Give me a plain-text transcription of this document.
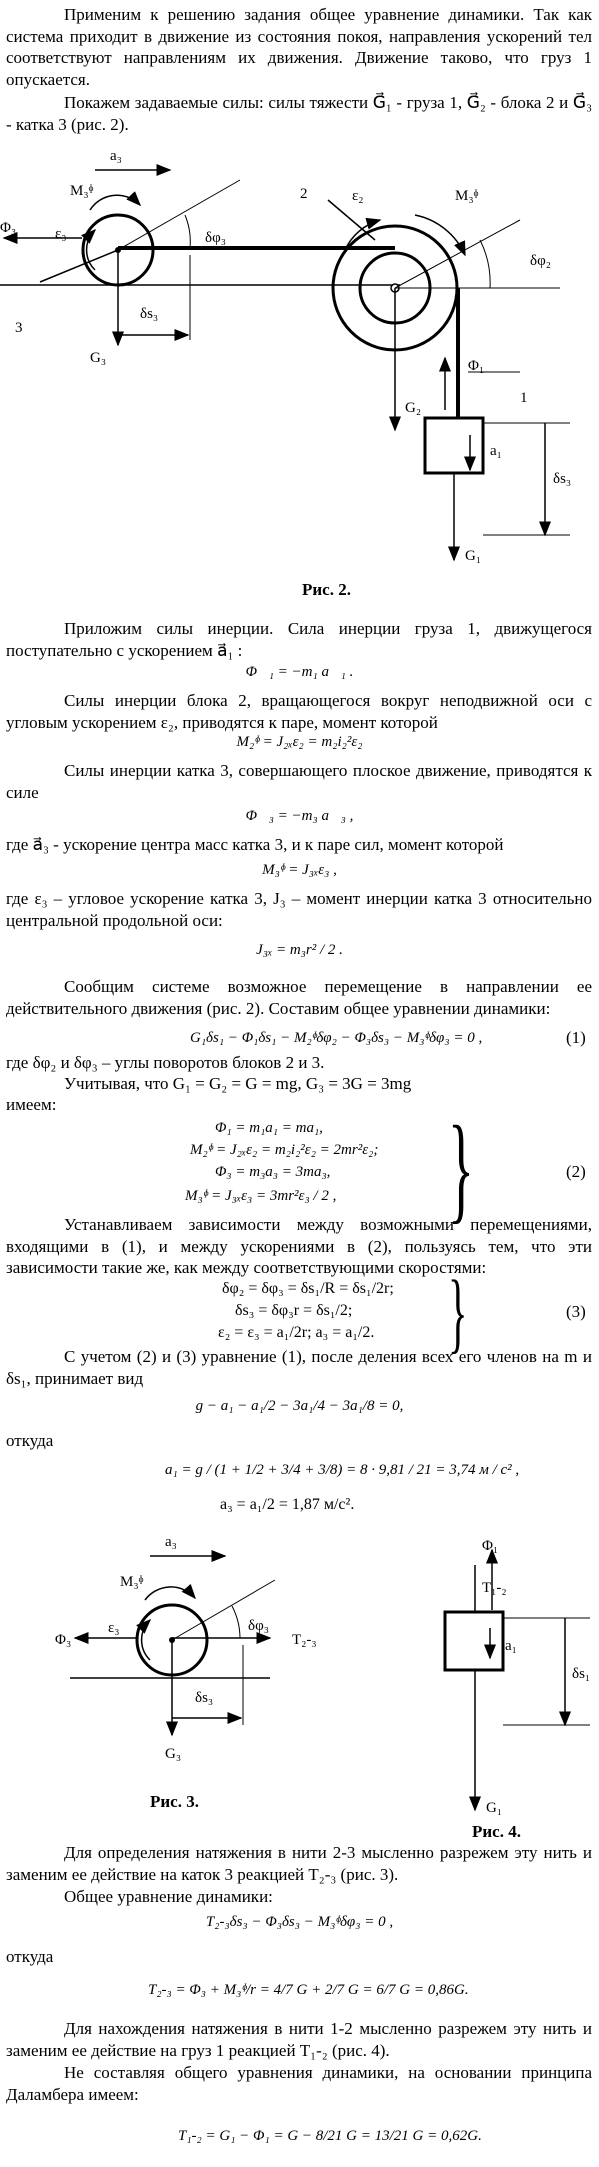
Применим к решению задания общее уравнение динамики. Так как система приходит в движение из состояния покоя, направления ускорений тел соответствуют направлениям их движения. Движение таково, что груз 1 опускается.

Покажем задаваемые силы: силы тяжести G⃗₁ - груза 1, G⃗₂ - блока 2 и G⃗₃ - катка 3 (рис. 2).

a₃
M₃ᶲ
Φ₃	ε₃	δφ₃
3
δs₃
G₃
2	ε₂	M₃ᶲ
δφ₂
Φ₁
G₂
1
a₁
δs₃
G₁
Рис. 2.

Приложим силы инерции. Сила инерции груза 1, движущегося поступательно с ускорением a⃗₁ :

Φ⃗₁ = −m₁ a⃗₁ .

Силы инерции блока 2, вращающегося вокруг неподвижной оси с угловым ускорением ε₂, приводятся к паре, момент которой

M₂ᶲ = J₂ₓε₂ = m₂i₂²ε₂

Силы инерции катка 3, совершающего плоское движение, приводятся к силе

Φ⃗₃ = −m₃ a⃗₃ ,

где a⃗₃ - ускорение центра масс катка 3, и к паре сил, момент которой

M₃ᶲ = J₃ₓε₃ ,

где ε₃ – угловое ускорение катка 3, J₃ – момент инерции катка 3 относительно центральной продольной оси:

J₃ₓ = m₃r² / 2 .

Сообщим системе возможное перемещение в направлении ее действительного движения (рис. 2). Составим общее уравнении динамики:

G₁δs₁ − Φ₁δs₁ − M₂ᶲδφ₂ − Φ₃δs₃ − M₃ᶲδφ₃ = 0 ,	(1)

где δφ₂ и δφ₃ – углы поворотов блоков 2 и 3.

Учитывая, что G₁ = G₂ = G = mg, G₃ = 3G = 3mg

имеем:

Φ₁ = m₁a₁ = ma₁,
M₂ᶲ = J₂ₓε₂ = m₂i₂²ε₂ = 2mr²ε₂;
Φ₃ = m₃a₃ = 3ma₃,
M₃ᶲ = J₃ₓε₃ = 3mr²ε₃ / 2 , }	(2)

Устанавливаем зависимости между возможными перемещениями, входящими в (1), и между ускорениями в (2), пользуясь тем, что эти зависимости такие же, как между соответствующими скоростями:

δφ₂ = δφ₃ = δs₁/R = δs₁/2r;
δs₃ = δφ₃r = δs₁/2;
ε₂ = ε₃ = a₁/2r; a₃ = a₁/2. }	(3)

С учетом (2) и (3) уравнение (1), после деления всех его членов на m и δs₁, принимает вид

g − a₁ − a₁/2 − 3a₁/4 − 3a₁/8 = 0,

откуда

a₁ = g / (1 + 1/2 + 3/4 + 3/8) = 8 · 9,81 / 21 = 3,74 м / с² ,
a₃ = a₁/2 = 1,87 м/с².
a₃
M₃ᶲ
Φ₃
ε₃	δφ₃
T₂-₃
δs₃
G₃
Φ₁
T₁-₂
a₁
δs₁
G₁
Рис. 3.
Рис. 4.

Для определения натяжения в нити 2-3 мысленно разрежем эту нить и заменим ее действие на каток 3 реакцией T₂-₃ (рис. 3).

Общее уравнение динамики:

T₂-₃δs₃ − Φ₃δs₃ − M₃ᶲδφ₃ = 0 ,

откуда

T₂-₃ = Φ₃ + M₃ᶲ/r = 4/7 G + 2/7 G = 6/7 G = 0,86G.

Для нахождения натяжения в нити 1-2 мысленно разрежем эту нить и заменим ее действие на груз 1 реакцией T₁-₂ (рис. 4).

Не составляя общего уравнения динамики, на основании принципа Даламбера имеем:

T₁-₂ = G₁ − Φ₁ = G − 8/21 G = 13/21 G = 0,62G.
